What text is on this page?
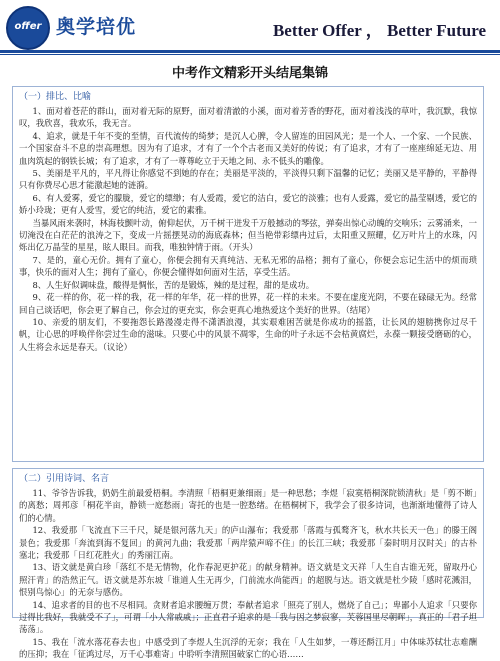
offer 奥学培优	Better Offer ， Better Future
中考作文精彩开头结尾集锦
（一）排比、比喻

1、面对着苍茫的群山，面对着无际的原野，面对着清澈的小溪，面对着芳香的野花，面对着浅浅的草叶，我沉默，我惊叹，我欣喜，我欢乐，我无言。

4、追求，就是千年不变的至情，百代流传的绮梦；是沉人心脾，令人留连的田园风光；是一个人、一个家、一个民族、一个国家奋斗不息的崇高理想。因为有了追求，才有了一个个古老而又美好的传说；有了追求，才有了一座座绵延无边、用血肉筑起的钢铁长城；有了追求，才有了一尊尊屹立于天地之间、永不低头的雕像。

5、美丽是平凡的，平凡得让你感觉不到她的存在；美丽是平淡的，平淡得只剩下温馨的记忆；美丽又是平静的，平静得只有你费尽心思才能激起她的涟漪。

6、有人爱雾，爱它的朦胧，爱它的缥缈；有人爱霞，爱它的洁白，爱它的淡雅；也有人爱露，爱它的晶莹剔透，爱它的娇小玲珑；更有人爱雪，爱它的纯洁，爱它的素雅。

当暴风雨来袭时，林海枝颤叶动，俯仰起伏，万千树干迸发千万般撼动的琴弦，弹奏出惊心动魄的交响乐；云雾涌来，一切淹没在白茫茫的浪涛之下，变成一片摇摆晃动的海底森林；但当艳带彩缥冉过后，太阳重又照耀，亿万叶片上的水珠，闪烁出亿万晶莹的星星，眩人眼目。而我，唯独钟情于雨。（开头）

7、是的，童心无价。拥有了童心，你便会拥有天真纯洁、无私无邪的品格；拥有了童心，你便会忘记生活中的烦而琐事，快乐的面对人生；拥有了童心，你便会懂得如何面对生活，享受生活。

8、人生好似调味盘，酸得是惆怅，苦的是锻炼，辣的是过程，甜的是成功。

9、花一样的你，花一样的我，花一样的年华，花一样的世界，花一样的未来。不要在虚度光阴，不要在碌碌无为。经常回自己谈话吧，你会更了解自己，你会过的更充实，你会更真心地热爱这个美好的世界。（结尾）

10、亲爱的朋友们，不要拖怨长路漫漫走得不潇洒浪漫，其实艰难困苦就是你成功的摇篮，让长风的翅膀携你过尽千帆，让心思的呼唤伴你尝过生命的滋味。只要心中的风景不凋零，生命的叶子永远不会枯黄腐烂，永葆一颗接受磨砺的心，人生将会永远是春天。（议论）

（二）引用诗词、名言

11、爷爷告诉我，奶奶生前最爱梧桐。李清照「梧桐更兼细雨」是一种思愁；李煜「寂寞梧桐深院锁清秋」是「剪不断」的离愁；周邦彦「桐花半亩，静锁一庭愁雨」寄托的也是一腔愁绪。在梧桐树下，我学会了很多诗词，也渐渐地懂得了诗人们的心情。

12、我爱那「飞流直下三千尺，疑是银河落九天」的庐山瀑布；我爱那「落霞与孤鹜齐飞，秋水共长天一色」的滕王阁景色；我爱那「奔流到海不复回」的黄河九曲；我爱那「两岸猿声啼不住」的长江三峡；我爱那「秦时明月汉时关」的古朴塞北；我爱那「日红花胜火」的秀丽江南。

13、语文就是黄白珍「落红不是无情物，化作春泥更护花」的献身精神。语文就是文天祥「人生自古谁无死，留取丹心照汗青」的浩然正气。语文就是苏东坡「谁道人生无再少，门前流水尚能西」的超脱与达。语文就是杜少陵「感时花溅泪，恨别鸟惊心」的无奈与感伤。

14、追求者的目的也不尽相同。贪财者追求腰缠万贯；奉献者追求「照亮了别人，燃烧了自己」；卑鄙小人追求「只要你过得比我好，我就受不了」，可谓「小人常戚戚」；正直君子追求的是「我与因之梦寂寥，芙蓉国里尽朝晖」，真正的「君子坦荡荡」。

15、我在「流水落花春去也」中感受到了李煜人生沉浮的无奈；我在「人生如梦，一尊还酹江月」中体味苏轼壮志难酬的压抑；我在「征鸿过尽，万千心事难寄」中聆听李清照国破家亡的心语……
